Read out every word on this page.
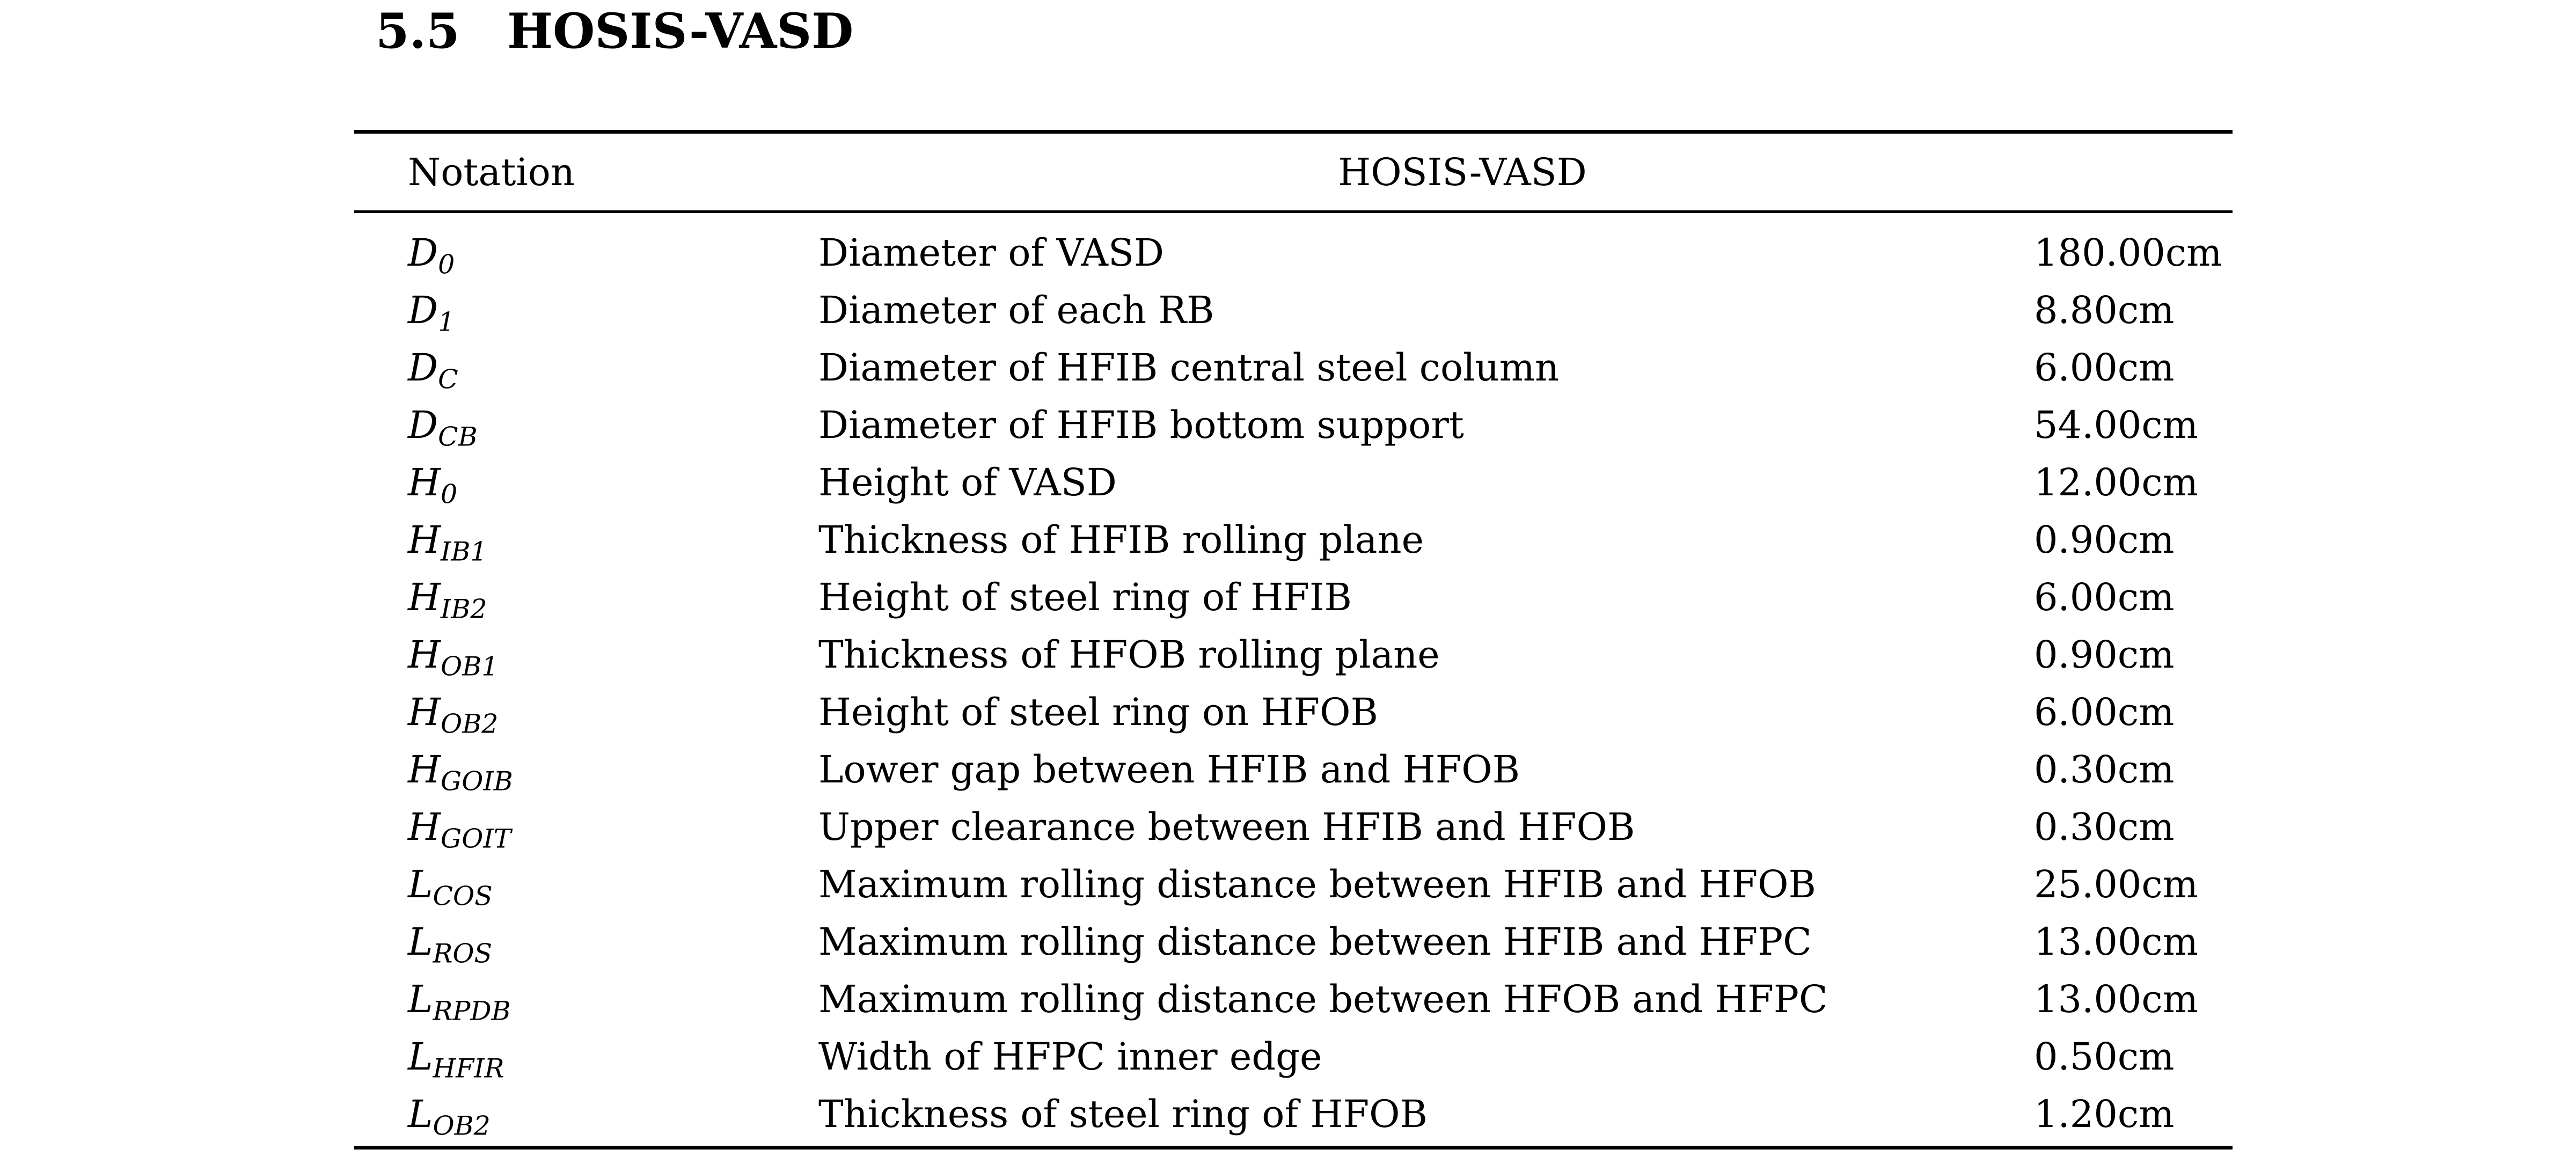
5.5 HOSIS-VASD
Notation	HOSIS-VASD
$D_0$	Diameter of VASD	180.00cm
$D_1$	Diameter of each RB	8.80cm
$D_C$	Diameter of HFIB central steel column	6.00cm
$D_{CB}$	Diameter of HFIB bottom support	54.00cm
$H_0$	Height of VASD	12.00cm
$H_{IB1}$	Thickness of HFIB rolling plane	0.90cm
$H_{IB2}$	Height of steel ring of HFIB	6.00cm
$H_{OB1}$	Thickness of HFOB rolling plane	0.90cm
$H_{OB2}$	Height of steel ring on HFOB	6.00cm
$H_{GOIB}$	Lower gap between HFIB and HFOB	0.30cm
$H_{GOIT}$	Upper clearance between HFIB and HFOB	0.30cm
$L_{COS}$	Maximum rolling distance between HFIB and HFOB	25.00cm
$L_{ROS}$	Maximum rolling distance between HFIB and HFPC	13.00cm
$L_{RPDB}$	Maximum rolling distance between HFOB and HFPC	13.00cm
$L_{HFIR}$	Width of HFPC inner edge	0.50cm
$L_{OB2}$	Thickness of steel ring of HFOB	1.20cm
